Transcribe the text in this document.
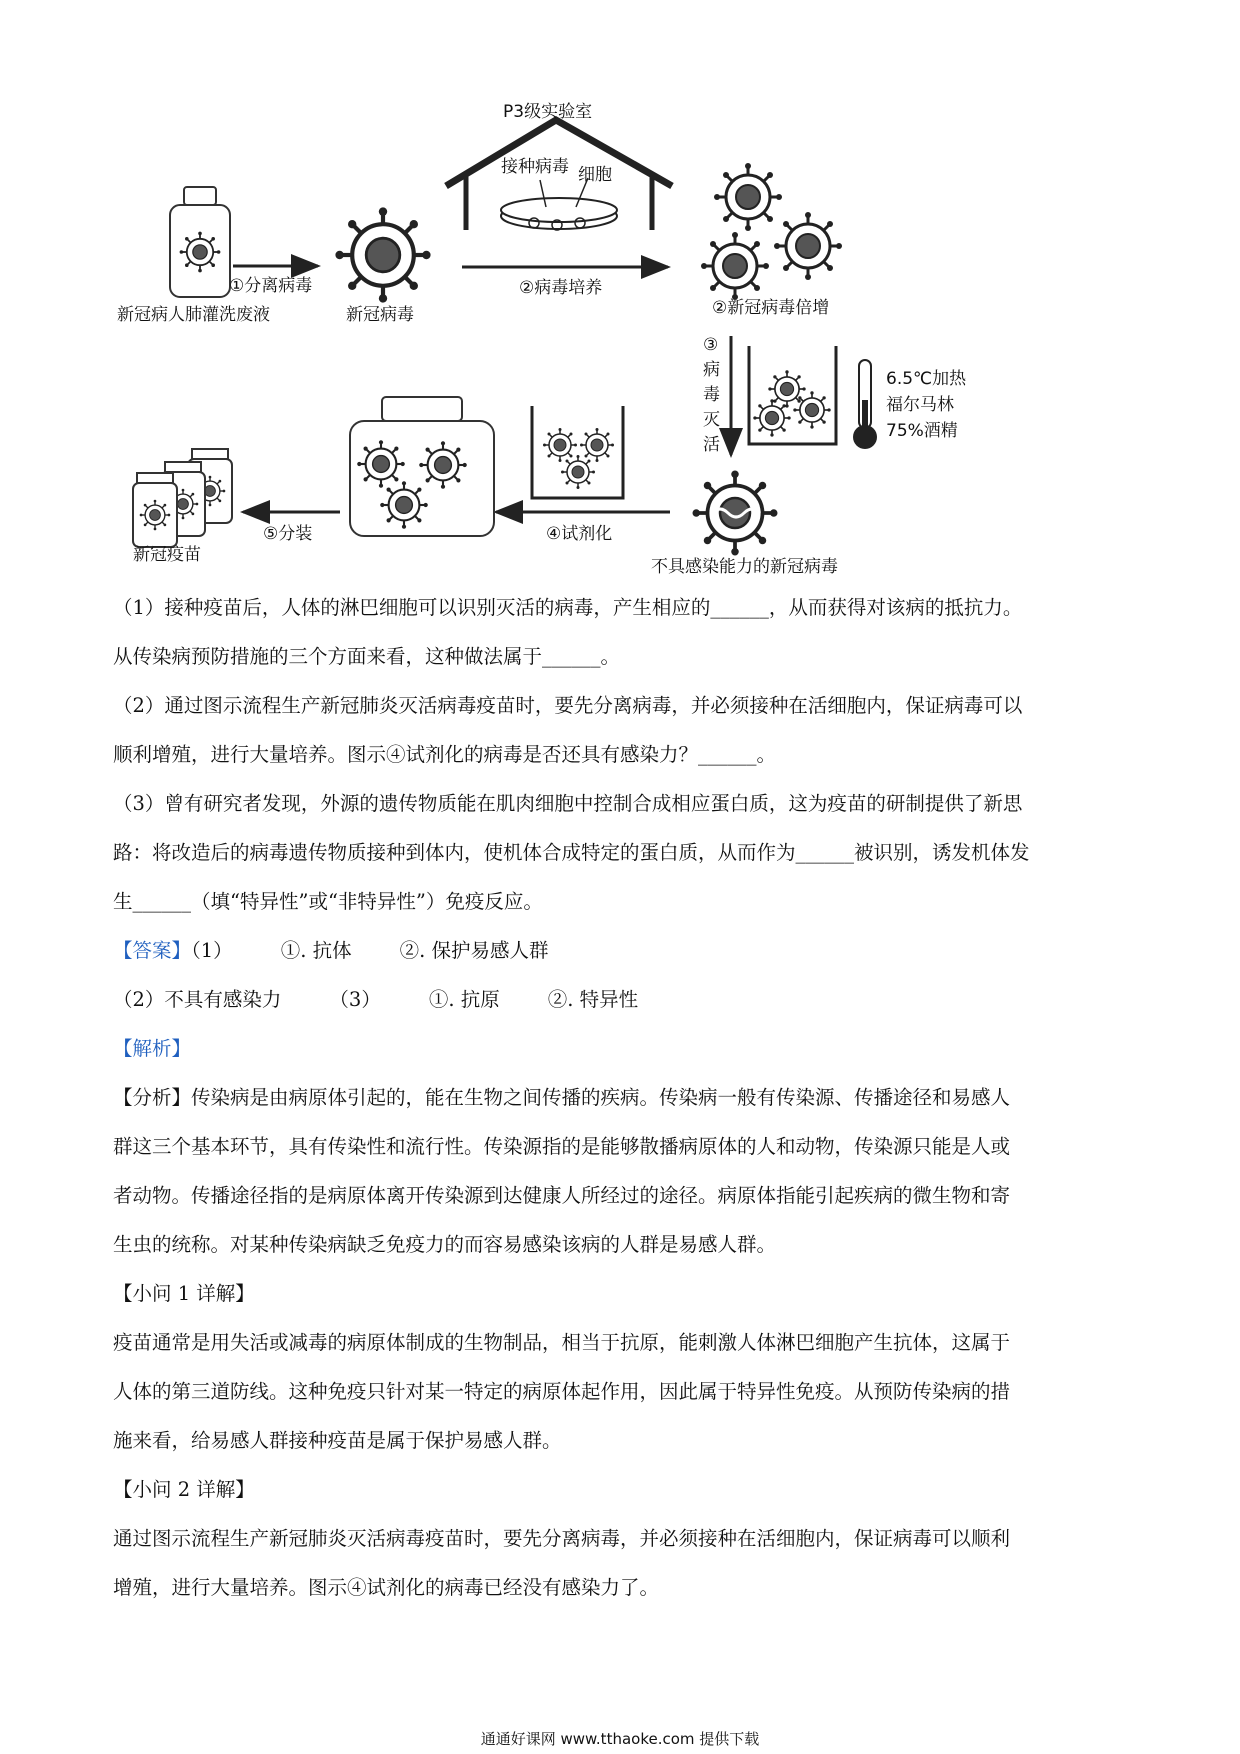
新冠病人肺灌洗废液
①分离病毒
新冠病毒
P3级实验室
接种病毒 细胞
②病毒培养
②新冠病毒倍增
③
病
毒
灭
活
6.5℃加热
福尔马林
75%酒精
不具感染能力的新冠病毒
④试剂化
⑤分装
新冠疫苗
（1）接种疫苗后，人体的淋巴细胞可以识别灭活的病毒，产生相应的______，从而获得对该病的抵抗力。
从传染病预防措施的三个方面来看，这种做法属于______。
（2）通过图示流程生产新冠肺炎灭活病毒疫苗时，要先分离病毒，并必须接种在活细胞内，保证病毒可以
顺利增殖，进行大量培养。图示④试剂化的病毒是否还具有感染力？______。
（3）曾有研究者发现，外源的遗传物质能在肌肉细胞中控制合成相应蛋白质，这为疫苗的研制提供了新思
路：将改造后的病毒遗传物质接种到体内，使机体合成特定的蛋白质，从而作为______被识别，诱发机体发
生______（填“特异性”或“非特异性”）免疫反应。
【答案】（1） ①. 抗体 ②. 保护易感人群
（2）不具有感染力 （3） ①. 抗原 ②. 特异性
【解析】
【分析】传染病是由病原体引起的，能在生物之间传播的疾病。传染病一般有传染源、传播途径和易感人
群这三个基本环节，具有传染性和流行性。传染源指的是能够散播病原体的人和动物，传染源只能是人或
者动物。传播途径指的是病原体离开传染源到达健康人所经过的途径。病原体指能引起疾病的微生物和寄
生虫的统称。对某种传染病缺乏免疫力的而容易感染该病的人群是易感人群。
【小问 1 详解】
疫苗通常是用失活或减毒的病原体制成的生物制品，相当于抗原，能刺激人体淋巴细胞产生抗体，这属于
人体的第三道防线。这种免疫只针对某一特定的病原体起作用，因此属于特异性免疫。从预防传染病的措
施来看，给易感人群接种疫苗是属于保护易感人群。
【小问 2 详解】
通过图示流程生产新冠肺炎灭活病毒疫苗时，要先分离病毒，并必须接种在活细胞内，保证病毒可以顺利
增殖，进行大量培养。图示④试剂化的病毒已经没有感染力了。
通通好课网 www.tthaoke.com 提供下载
